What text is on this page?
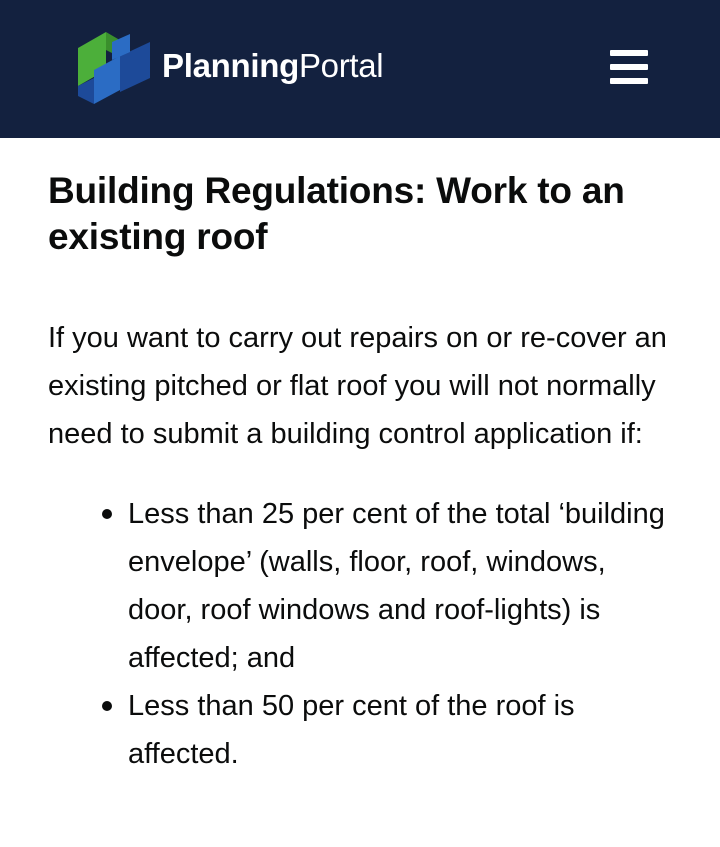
PlanningPortal
Building Regulations: Work to an existing roof

If you want to carry out repairs on or re-cover an existing pitched or flat roof you will not normally need to submit a building control application if:

Less than 25 per cent of the total ‘building envelope’ (walls, floor, roof, windows, door, roof windows and roof-lights) is affected; and
Less than 50 per cent of the roof is affected.
